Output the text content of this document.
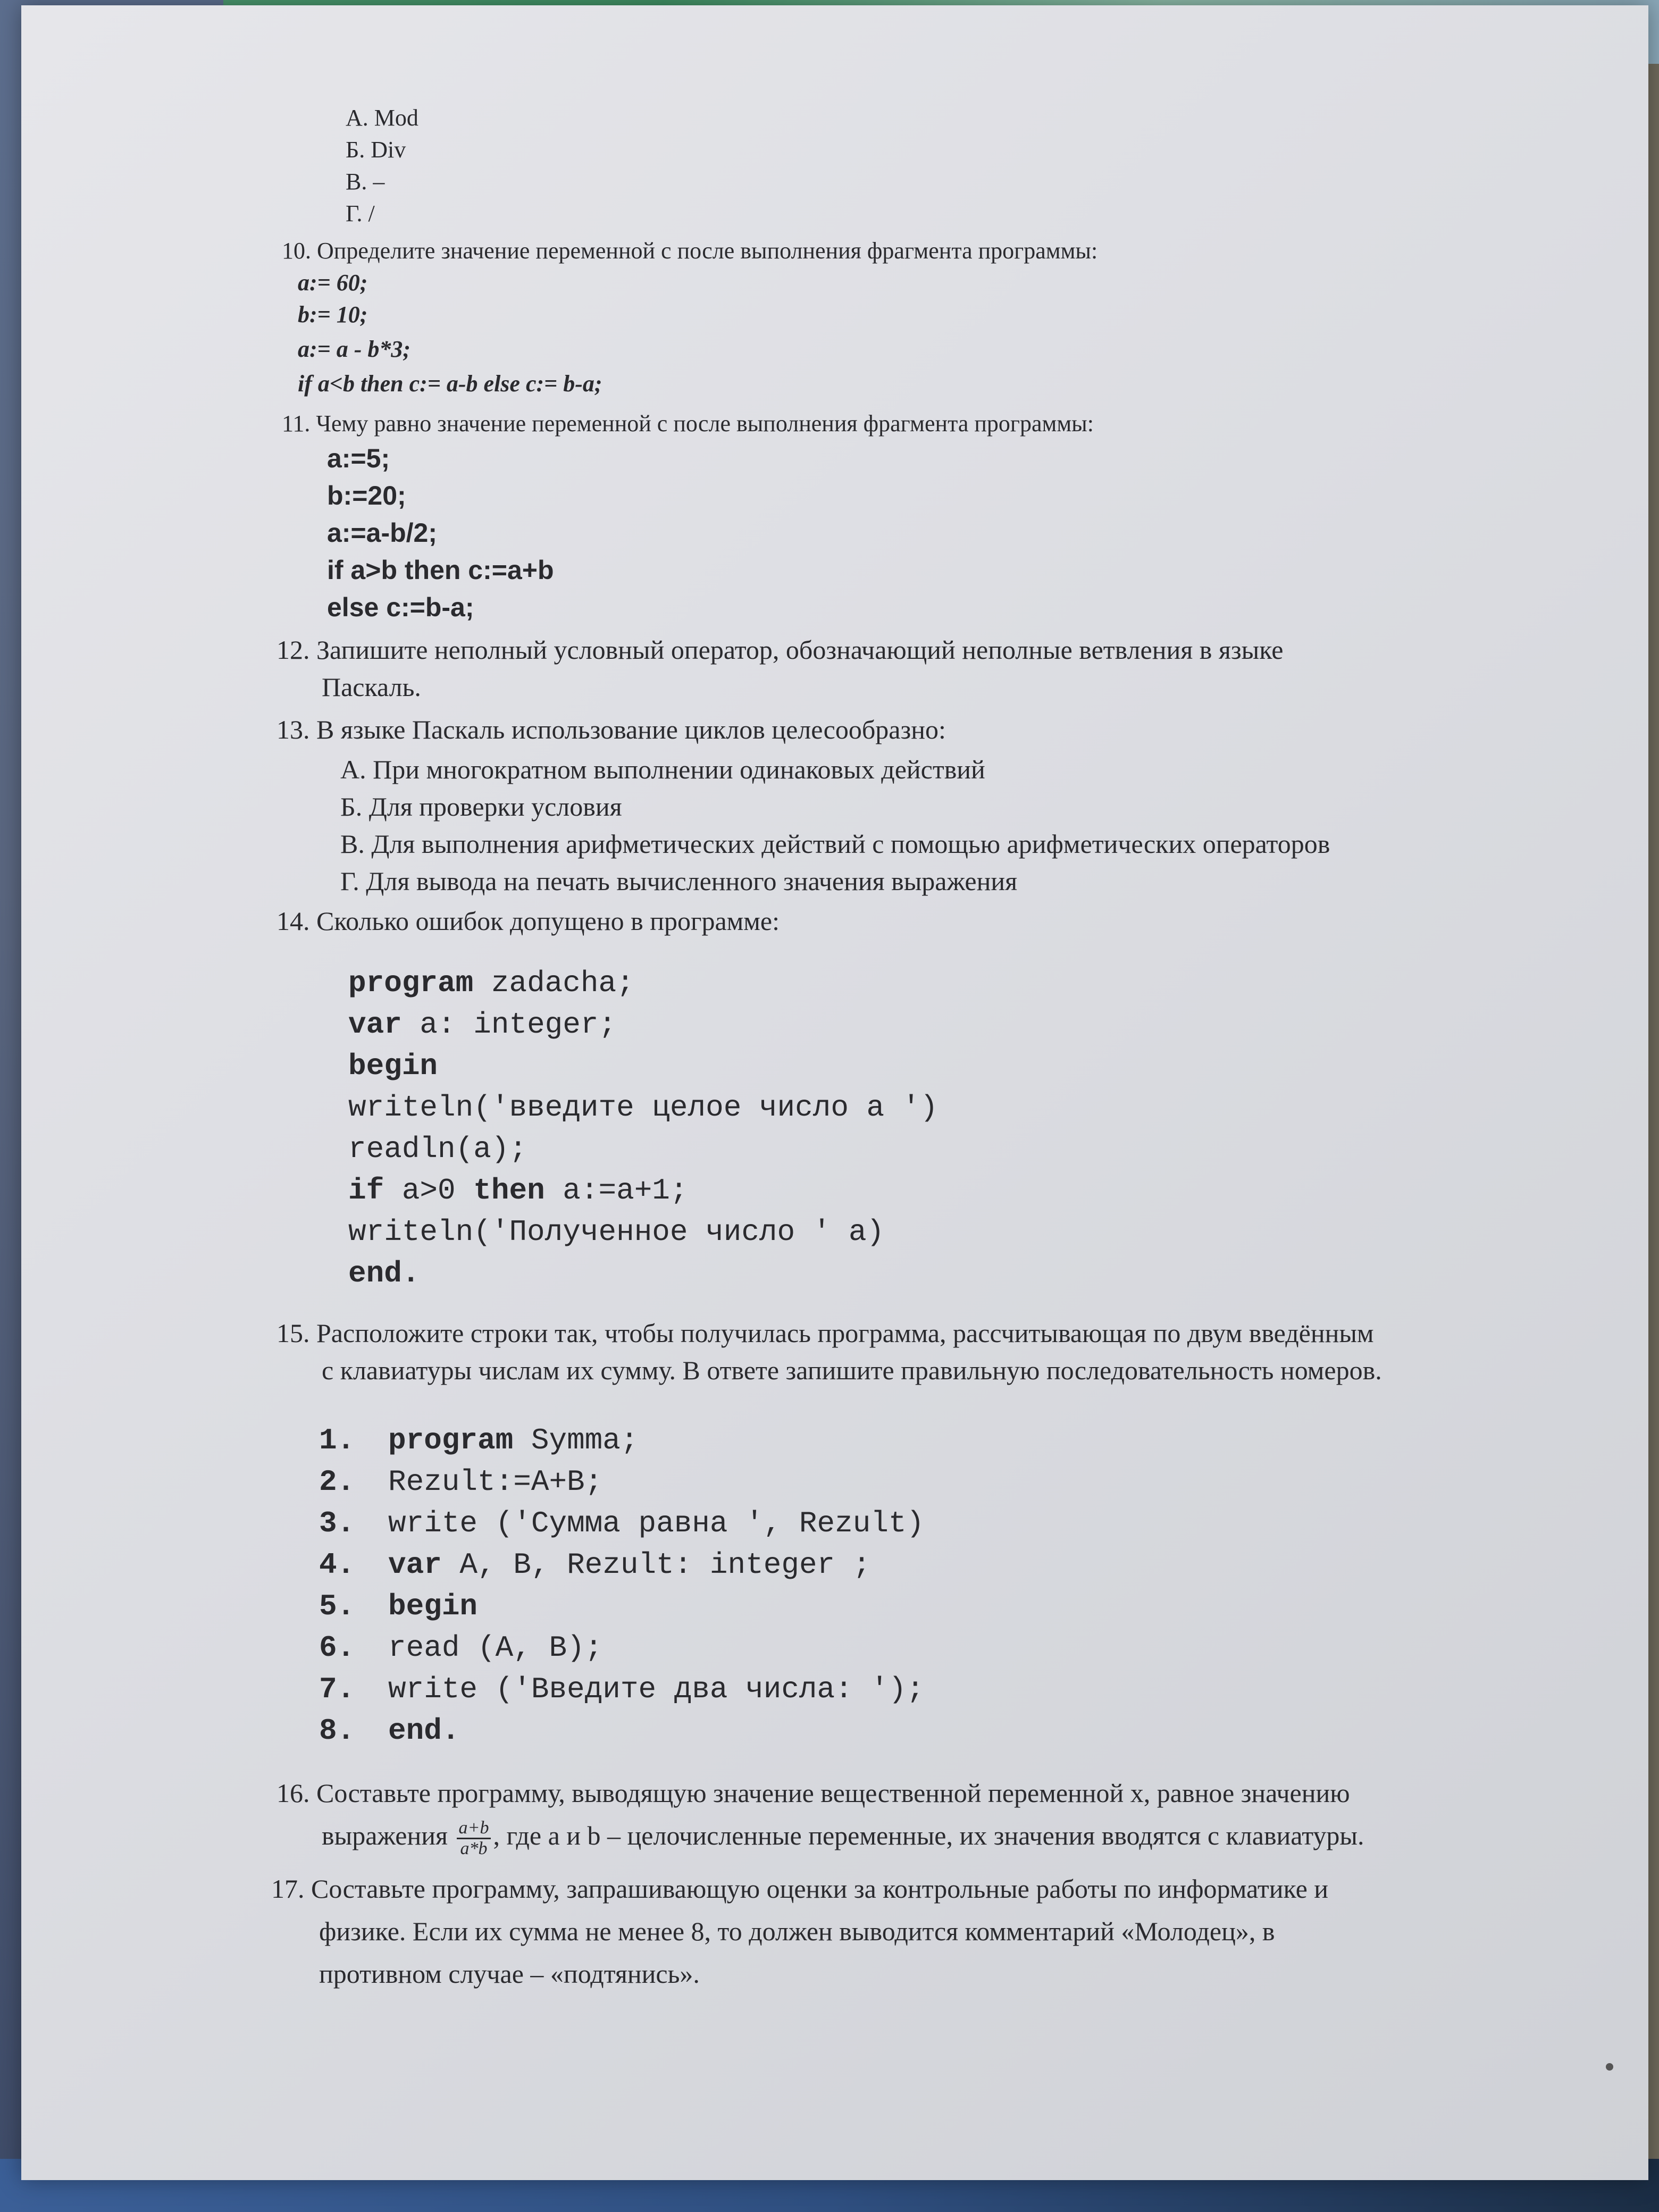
А. Mod
Б. Div
В. –
Г. /
10. Определите значение переменной с после выполнения фрагмента программы:
a:= 60;
b:= 10;
a:= a - b*3;
if a<b then c:= a-b else c:= b-a;
11. Чему равно значение переменной c после выполнения фрагмента программы:
a:=5;
b:=20;
a:=a-b/2;
if a>b then c:=a+b
else c:=b-a;
12. Запишите неполный условный оператор, обозначающий неполные ветвления в языке
Паскаль.
13. В языке Паскаль использование циклов целесообразно:
А. При многократном выполнении одинаковых действий
Б. Для проверки условия
В. Для выполнения арифметических действий с помощью арифметических операторов
Г. Для вывода на печать вычисленного значения выражения
14. Сколько ошибок допущено в программе:
program zadacha;
var a: integer;
begin
writeln('введите целое число a ')
readln(a);
if a>0 then a:=a+1;
writeln('Полученное число ' a)
end.
15. Расположите строки так, чтобы получилась программа, рассчитывающая по двум введённым
с клавиатуры числам их сумму. В ответе запишите правильную последовательность номеров.
1. program Symma;
2. Rezult:=A+B;
3. write ('Сумма равна ', Rezult)
4. var A, B, Rezult: integer ;
5. begin
6. read (A, B);
7. write ('Введите два числа: ');
8. end.
16. Составьте программу, выводящую значение вещественной переменной x, равное значению
выражения $\frac{a+b}{a*b}$ , где a и b – целочисленные переменные, их значения вводятся с клавиатуры.
17. Составьте программу, запрашивающую оценки за контрольные работы по информатике и
физике. Если их сумма не менее 8, то должен выводится комментарий «Молодец», в
противном случае – «подтянись».
